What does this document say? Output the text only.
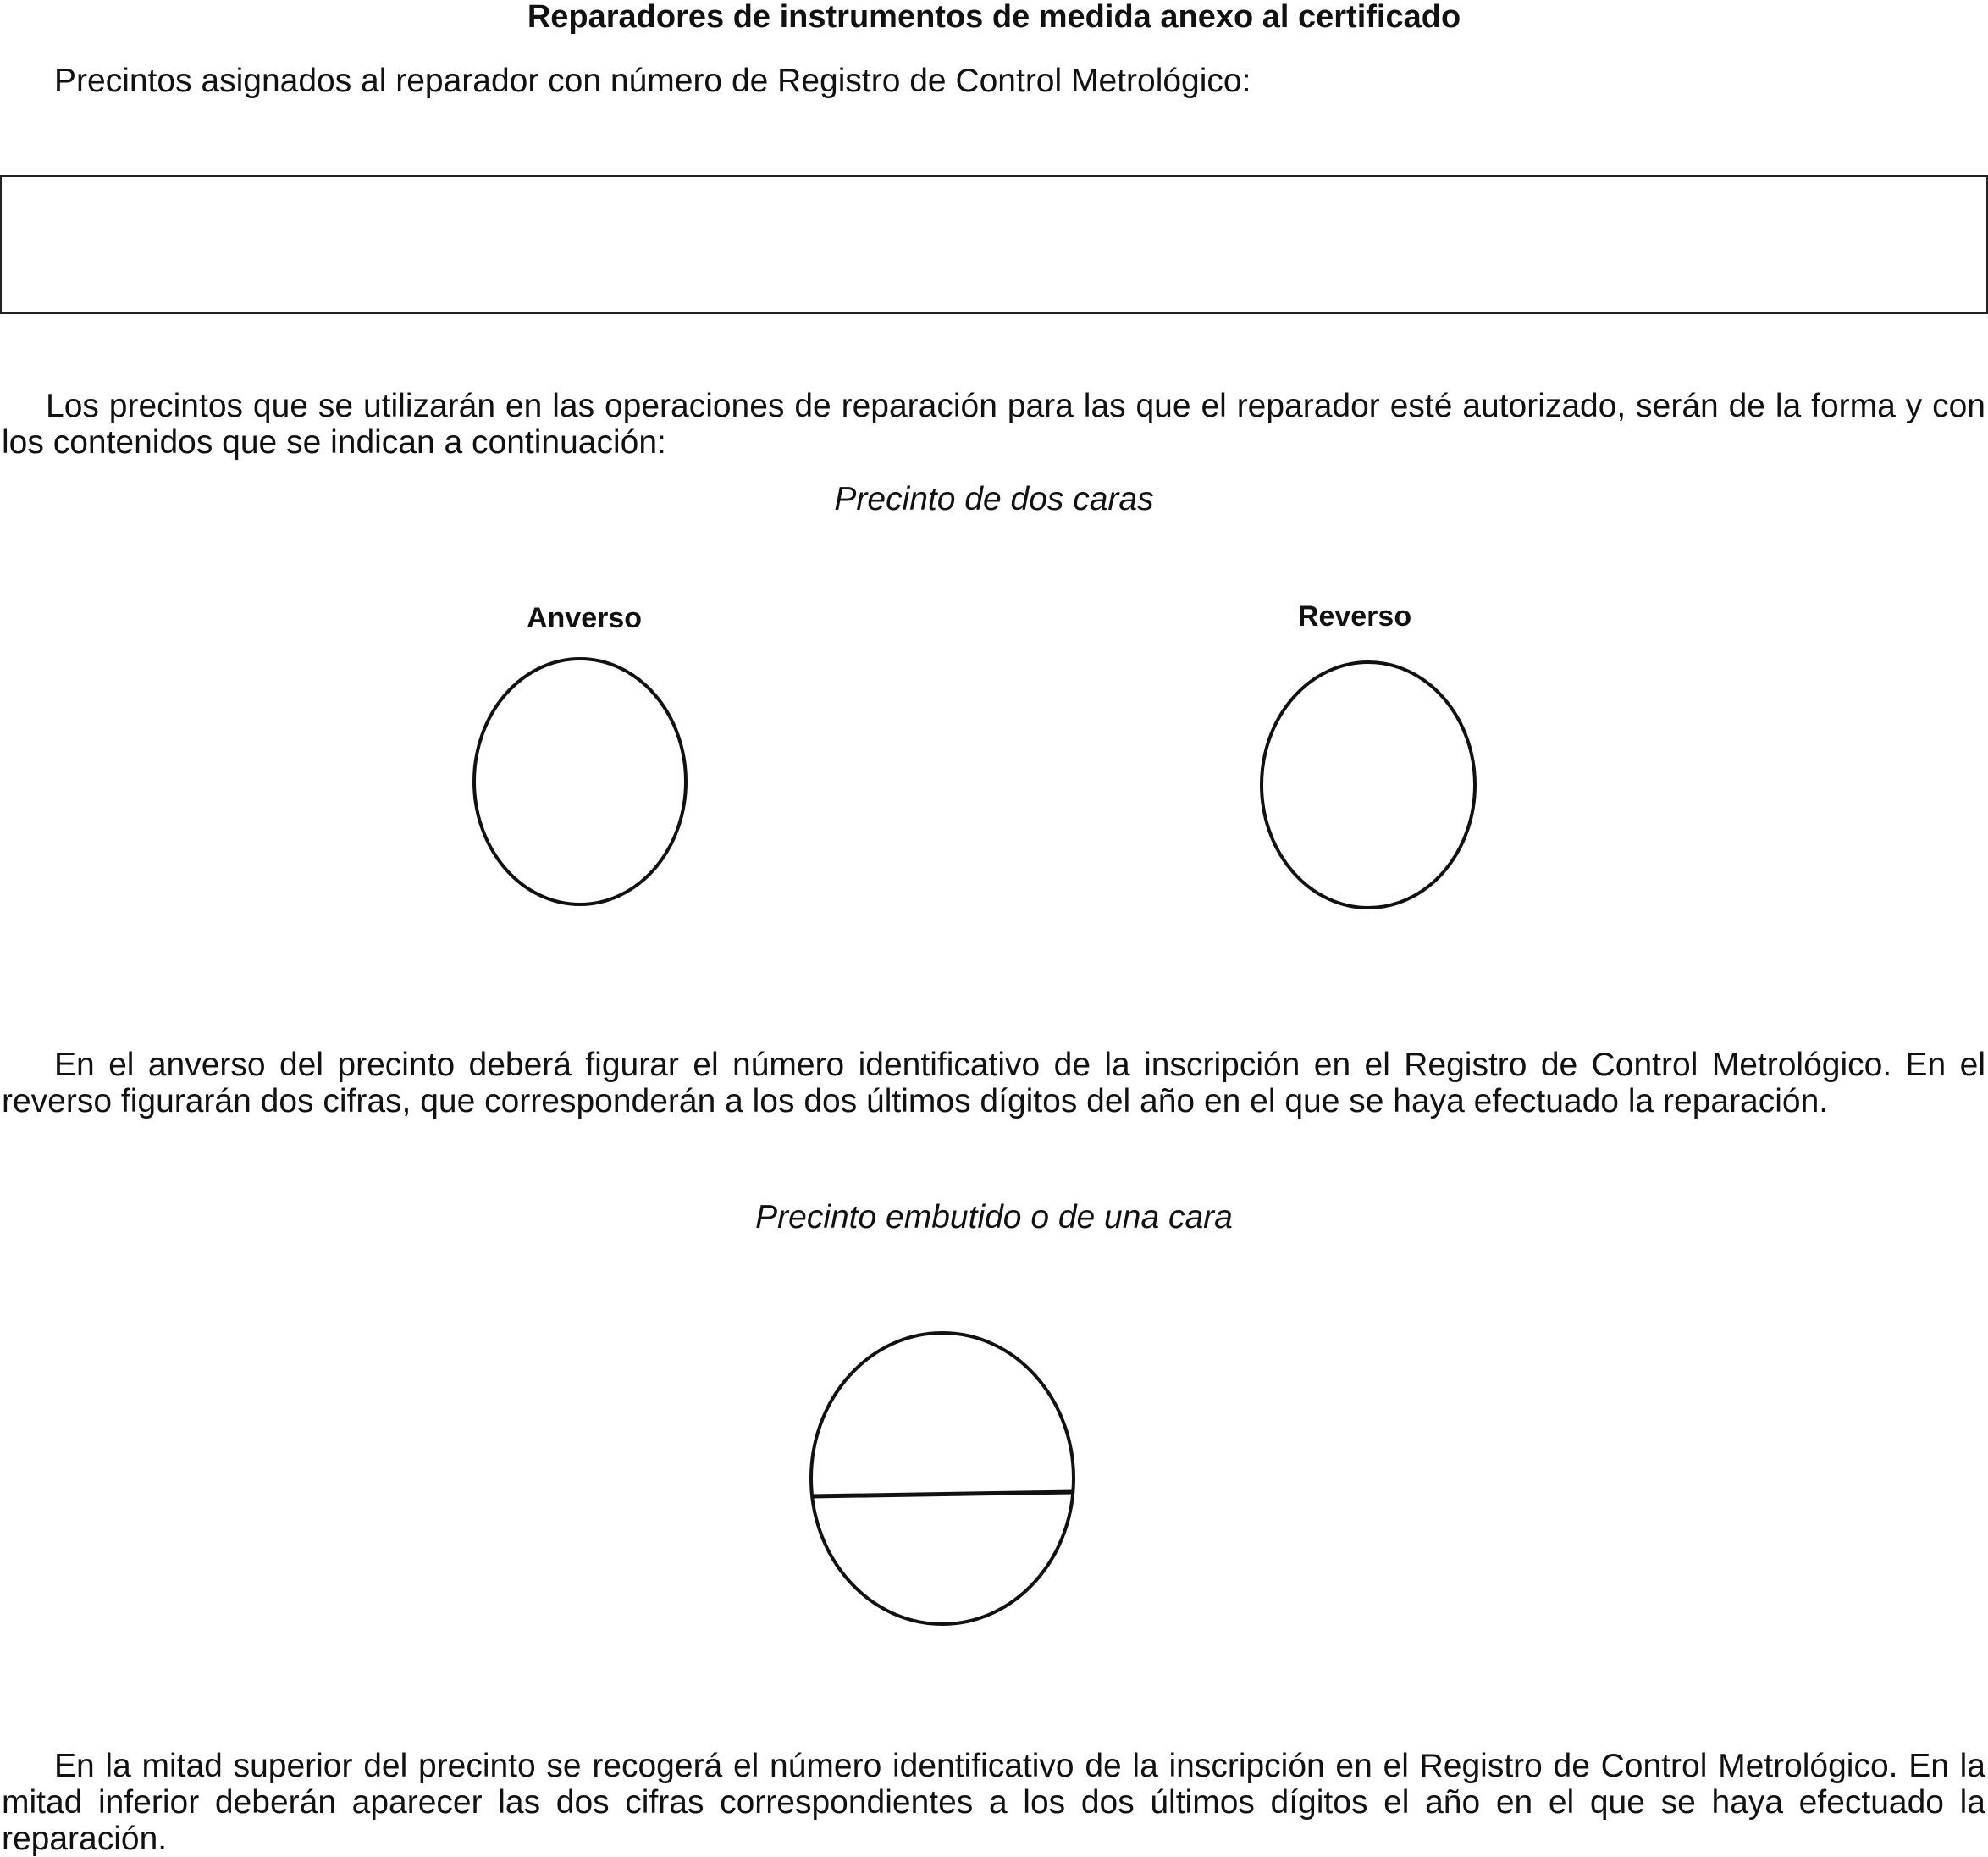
Reparadores de instrumentos de medida anexo al certificado
Precintos asignados al reparador con número de Registro de Control Metrológico:
Los precintos que se utilizarán en las operaciones de reparación para las que el reparador esté autorizado, serán de la forma y con los contenidos que se indican a continuación:
Precinto de dos caras
Anverso	Reverso
En el anverso del precinto deberá figurar el número identificativo de la inscripción en el Registro de Control Metrológico. En el reverso figurarán dos cifras, que corresponderán a los dos últimos dígitos del año en el que se haya efectuado la reparación.
Precinto embutido o de una cara
En la mitad superior del precinto se recogerá el número identificativo de la inscripción en el Registro de Control Metrológico. En la mitad inferior deberán aparecer las dos cifras correspondientes a los dos últimos dígitos el año en el que se haya efectuado la reparación.
